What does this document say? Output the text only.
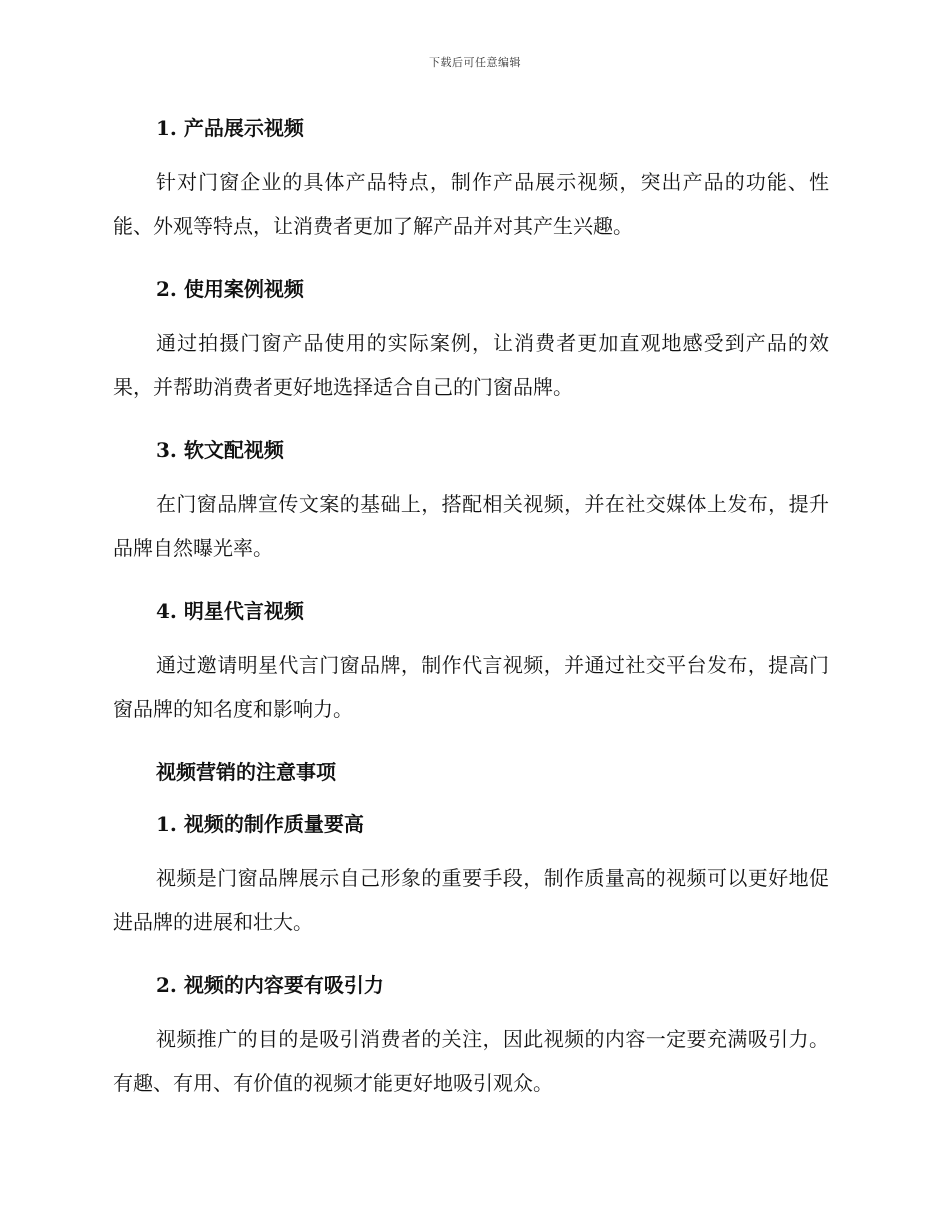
下载后可任意编辑
1. 产品展示视频

针对门窗企业的具体产品特点，制作产品展示视频，突出产品的功能、性能、外观等特点，让消费者更加了解产品并对其产生兴趣。

2. 使用案例视频

通过拍摄门窗产品使用的实际案例，让消费者更加直观地感受到产品的效果，并帮助消费者更好地选择适合自己的门窗品牌。

3. 软文配视频

在门窗品牌宣传文案的基础上，搭配相关视频，并在社交媒体上发布，提升品牌自然曝光率。

4. 明星代言视频

通过邀请明星代言门窗品牌，制作代言视频，并通过社交平台发布，提高门窗品牌的知名度和影响力。

视频营销的注意事项
1. 视频的制作质量要高

视频是门窗品牌展示自己形象的重要手段，制作质量高的视频可以更好地促进品牌的进展和壮大。

2. 视频的内容要有吸引力

视频推广的目的是吸引消费者的关注，因此视频的内容一定要充满吸引力。有趣、有用、有价值的视频才能更好地吸引观众。
